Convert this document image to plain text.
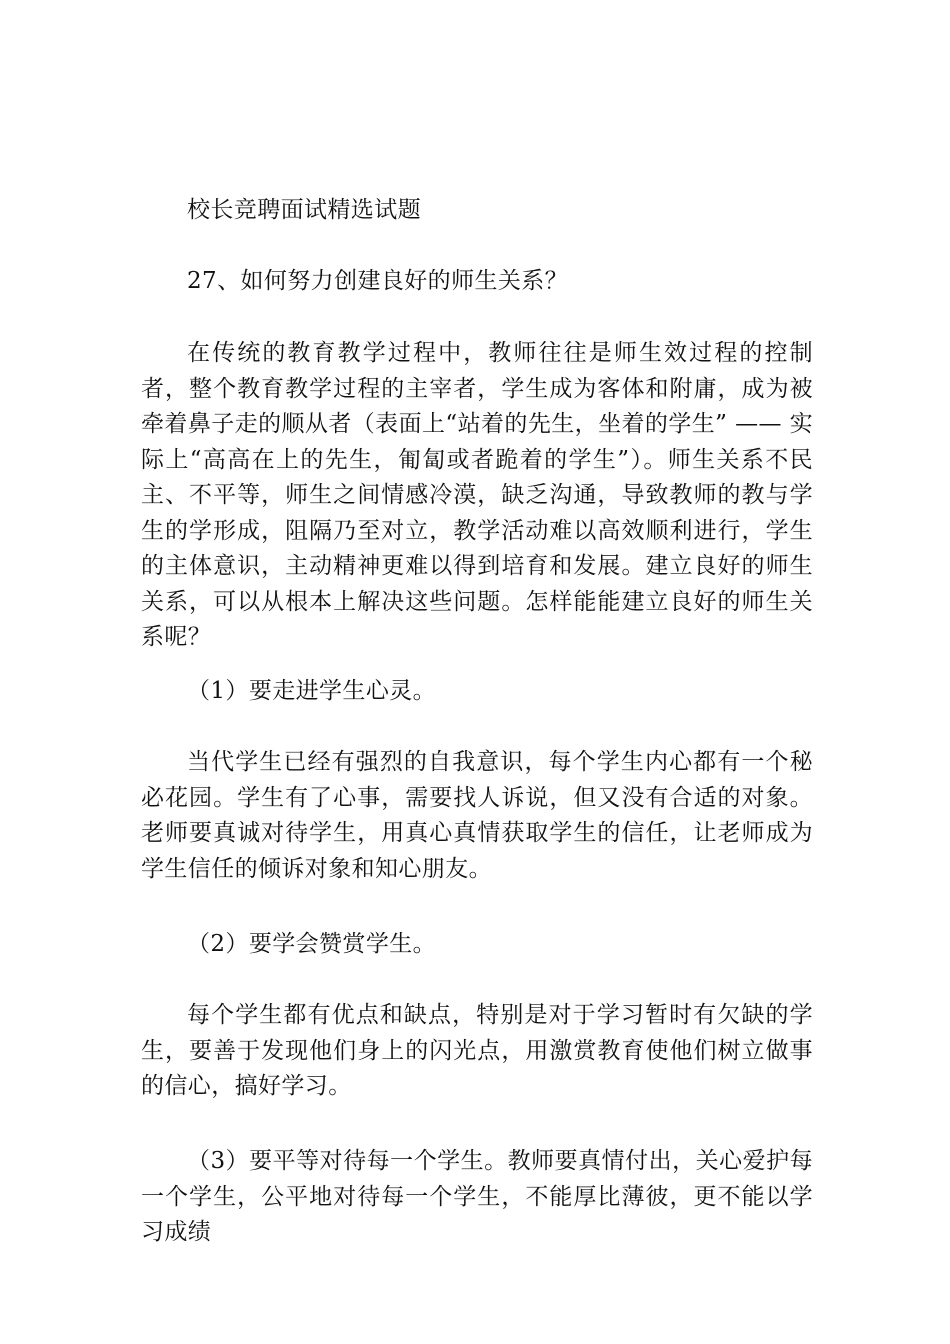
校长竞聘面试精选试题

27、如何努力创建良好的师生关系？

在传统的教育教学过程中，教师往往是师生效过程的控制者，整个教育教学过程的主宰者，学生成为客体和附庸，成为被牵着鼻子走的顺从者（表面上“站着的先生，坐着的学生” —— 实际上“高高在上的先生，匍匐或者跪着的学生”）。师生关系不民主、不平等，师生之间情感冷漠，缺乏沟通，导致教师的教与学生的学形成，阻隔乃至对立，教学活动难以高效顺利进行，学生的主体意识，主动精神更难以得到培育和发展。建立良好的师生关系，可以从根本上解决这些问题。怎样能能建立良好的师生关系呢？

（1）要走进学生心灵。

当代学生已经有强烈的自我意识，每个学生内心都有一个秘必花园。学生有了心事，需要找人诉说，但又没有合适的对象。老师要真诚对待学生，用真心真情获取学生的信任，让老师成为学生信任的倾诉对象和知心朋友。

（2）要学会赞赏学生。

每个学生都有优点和缺点，特别是对于学习暂时有欠缺的学生，要善于发现他们身上的闪光点，用激赏教育使他们树立做事的信心，搞好学习。

（3）要平等对待每一个学生。教师要真情付出，关心爱护每一个学生，公平地对待每一个学生，不能厚比薄彼，更不能以学习成绩
